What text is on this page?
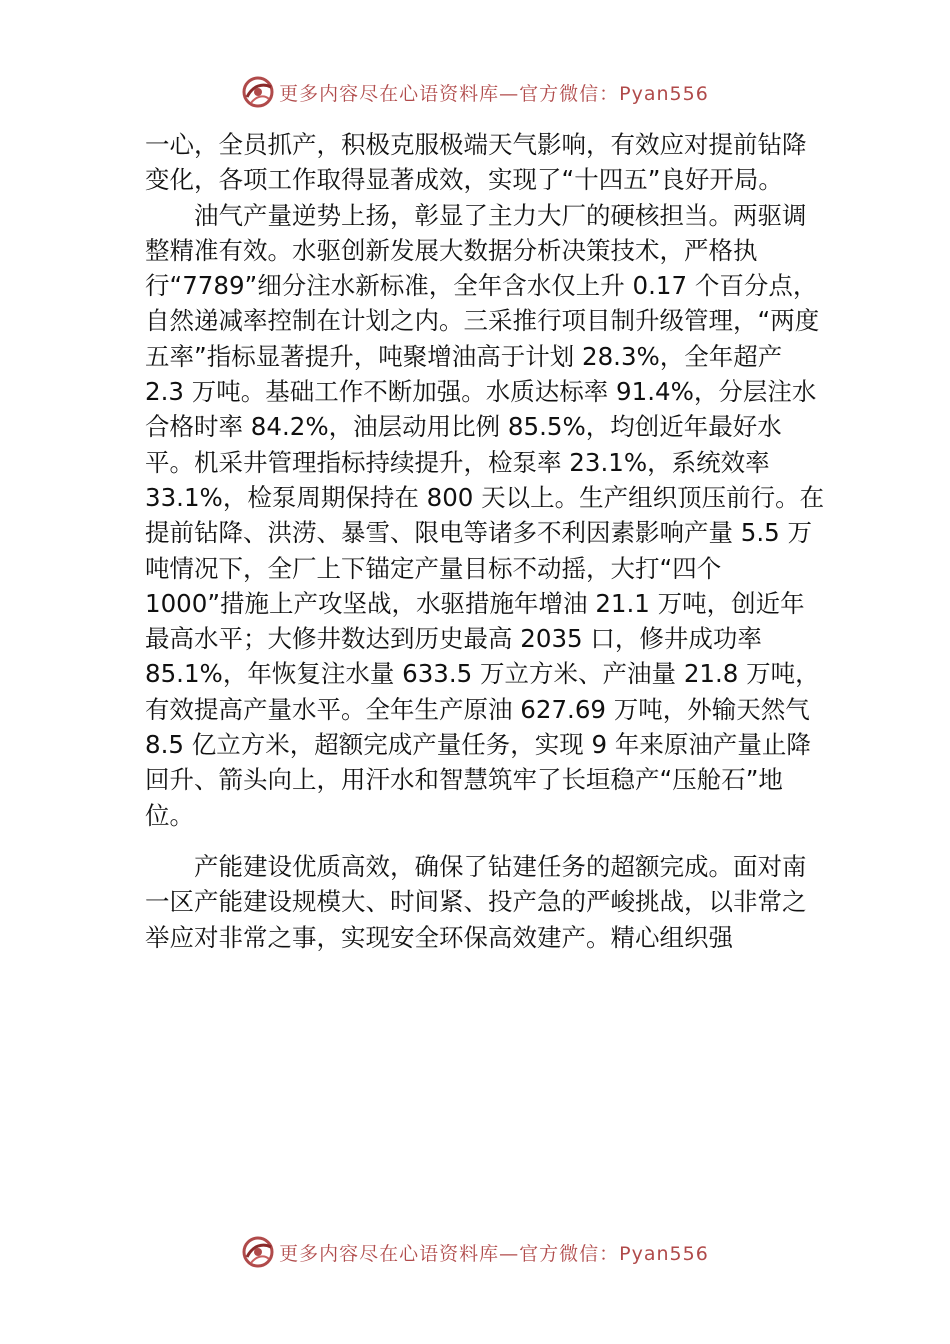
更多内容尽在心语资料库—官方微信：Pyan556

一心，全员抓产，积极克服极端天气影响，有效应对提前钻降变化，各项工作取得显著成效，实现了“十四五”良好开局。

油气产量逆势上扬，彰显了主力大厂的硬核担当。两驱调整精准有效。水驱创新发展大数据分析决策技术，严格执行“7789”细分注水新标准，全年含水仅上升 0.17 个百分点，自然递减率控制在计划之内。三采推行项目制升级管理，“两度五率”指标显著提升，吨聚增油高于计划 28.3%，全年超产 2.3 万吨。基础工作不断加强。水质达标率 91.4%，分层注水合格时率 84.2%，油层动用比例 85.5%，均创近年最好水平。机采井管理指标持续提升，检泵率 23.1%，系统效率 33.1%，检泵周期保持在 800 天以上。生产组织顶压前行。在提前钻降、洪涝、暴雪、限电等诸多不利因素影响产量 5.5 万吨情况下，全厂上下锚定产量目标不动摇，大打“四个 1000”措施上产攻坚战，水驱措施年增油 21.1 万吨，创近年最高水平；大修井数达到历史最高 2035 口，修井成功率 85.1%，年恢复注水量 633.5 万立方米、产油量 21.8 万吨，有效提高产量水平。全年生产原油 627.69 万吨，外输天然气 8.5 亿立方米，超额完成产量任务，实现 9 年来原油产量止降回升、箭头向上，用汗水和智慧筑牢了长垣稳产“压舱石”地位。

产能建设优质高效，确保了钻建任务的超额完成。面对南一区产能建设规模大、时间紧、投产急的严峻挑战，以非常之举应对非常之事，实现安全环保高效建产。精心组织强

更多内容尽在心语资料库—官方微信：Pyan556
